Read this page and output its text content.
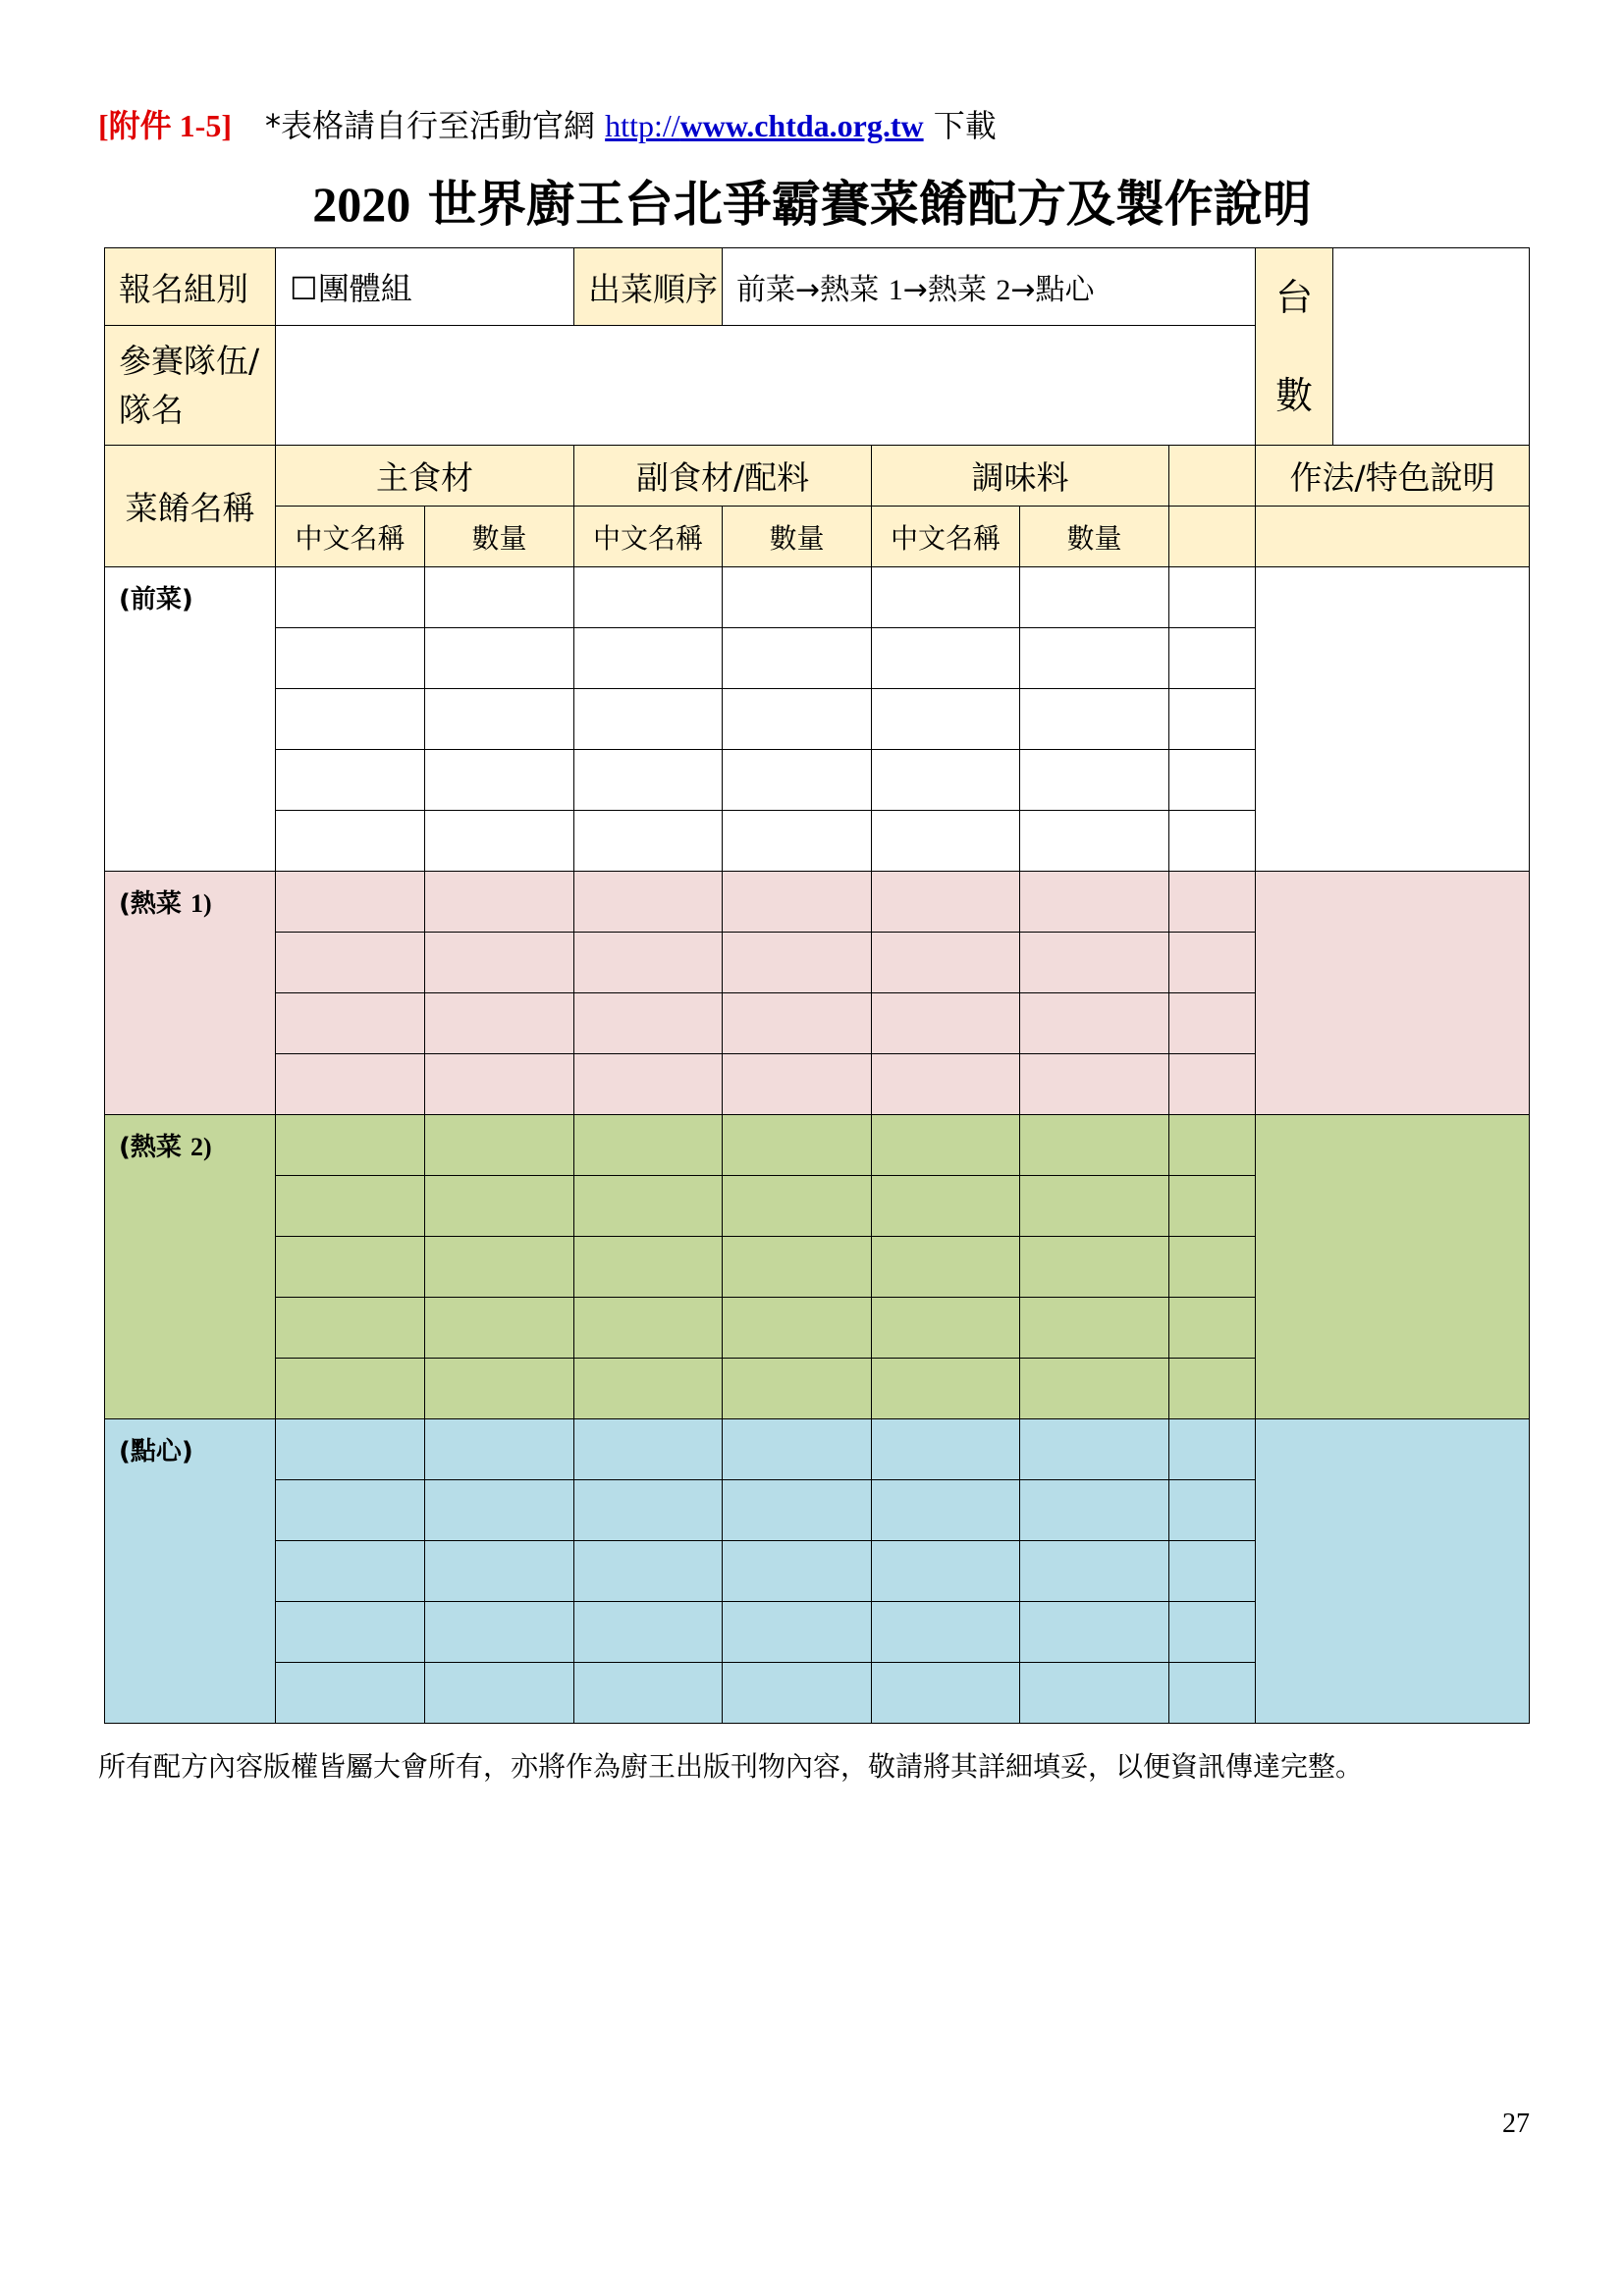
[附件 1-5] *表格請自行至活動官網 http://www.chtda.org.tw 下載
2020 世界廚王台北爭霸賽菜餚配方及製作說明
報名組別	☐團體組		出菜順序	前菜→熱菜 1→熱菜 2→點心				台
數	
參賽隊伍/隊名									
菜餚名稱	主食材		副食材/配料		調味料			作法/特色說明	
	中文名稱	數量	中文名稱	數量	中文名稱	數量			
(前菜)									

(熱菜 1)									

(熱菜 2)									

(點心)									

所有配方內容版權皆屬大會所有，亦將作為廚王出版刊物內容，敬請將其詳細填妥，以便資訊傳達完整。
27
